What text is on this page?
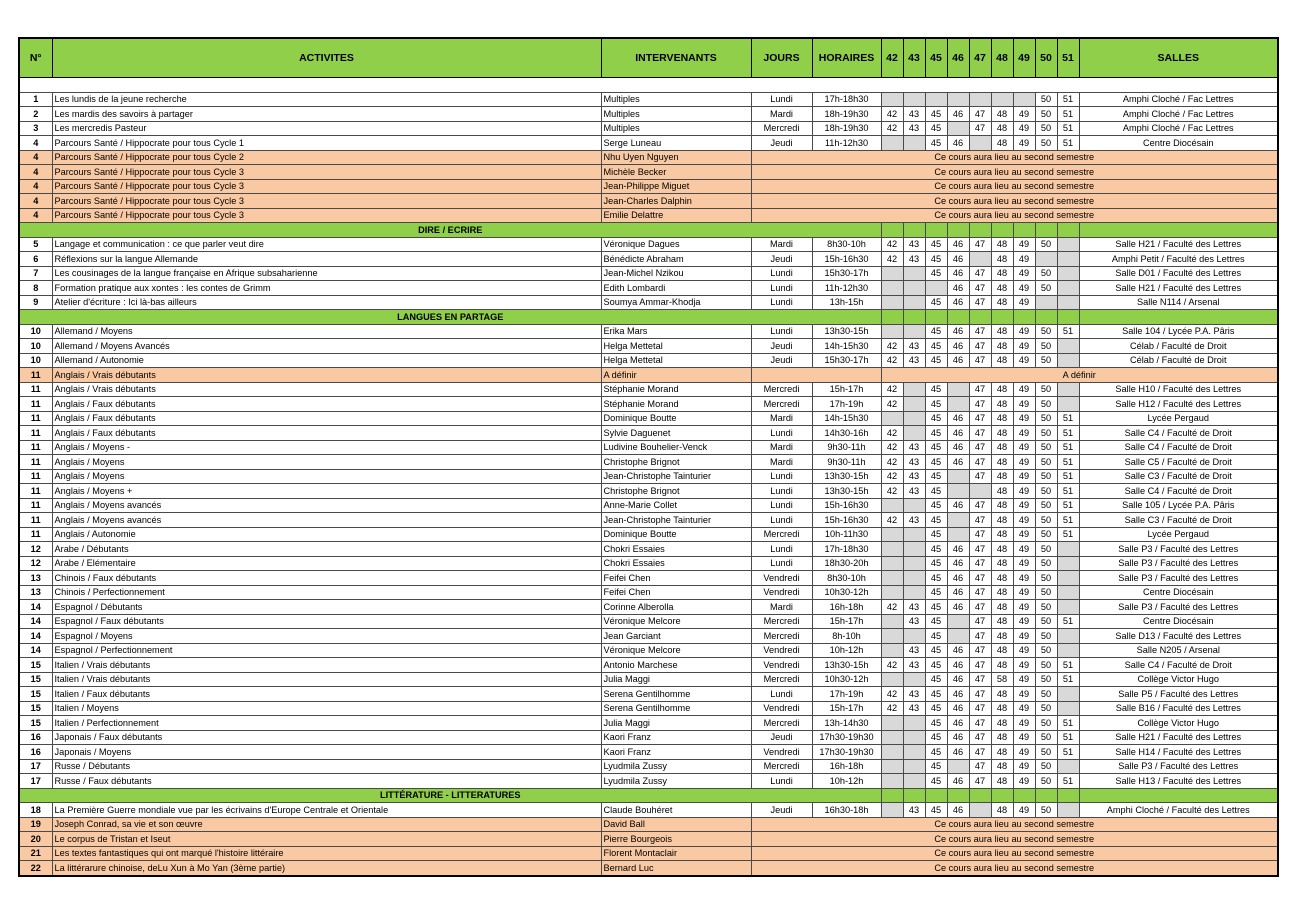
N°	ACTIVITES	INTERVENANTS	JOURS	HORAIRES	42	43	45	46	47	48	49	50	51	SALLES

1	Les lundis de la jeune recherche	Multiples	Lundi	17h-18h30								50	51	Amphi Cloché / Fac Lettres
2	Les mardis des savoirs à partager	Multiples	Mardi	18h-19h30	42	43	45	46	47	48	49	50	51	Amphi Cloché / Fac Lettres
3	Les mercredis Pasteur	Multiples	Mercredi	18h-19h30	42	43	45		47	48	49	50	51	Amphi Cloché / Fac Lettres
4	Parcours Santé / Hippocrate pour tous Cycle 1	Serge Luneau	Jeudi	11h-12h30			45	46		48	49	50	51	Centre Diocésain
4	Parcours Santé / Hippocrate pour tous Cycle 2	Nhu Uyen Nguyen	Ce cours aura lieu au second semestre											
4	Parcours Santé / Hippocrate pour tous Cycle 3	Michèle Becker	Ce cours aura lieu au second semestre											
4	Parcours Santé / Hippocrate pour tous Cycle 3	Jean-Philippe Miguet	Ce cours aura lieu au second semestre											
4	Parcours Santé / Hippocrate pour tous Cycle 3	Jean-Charles Dalphin	Ce cours aura lieu au second semestre											
4	Parcours Santé / Hippocrate pour tous Cycle 3	Emilie Delattre	Ce cours aura lieu au second semestre											
DIRE / ECRIRE														
5	Langage et communication : ce que parler veut dire	Véronique Dagues	Mardi	8h30-10h	42	43	45	46	47	48	49	50		Salle H21 / Faculté des Lettres
6	Réflexions sur la langue Allemande	Bénédicte Abraham	Jeudi	15h-16h30	42	43	45	46		48	49			Amphi Petit / Faculté des Lettres
7	Les cousinages de la langue française en Afrique subsaharienne	Jean-Michel Nzikou	Lundi	15h30-17h			45	46	47	48	49	50		Salle D01 / Faculté des Lettres
8	Formation pratique aux xontes : les contes de Grimm	Edith Lombardi	Lundi	11h-12h30				46	47	48	49	50		Salle H21 / Faculté des Lettres
9	Atelier d'écriture : Ici là-bas ailleurs	Soumya Ammar-Khodja	Lundi	13h-15h			45	46	47	48	49			Salle N114 / Arsenal
LANGUES EN PARTAGE														
10	Allemand / Moyens	Erika Mars	Lundi	13h30-15h			45	46	47	48	49	50	51	Salle 104 / Lycée P.A. Pâris
10	Allemand / Moyens Avancés	Helga Mettetal	Jeudi	14h-15h30	42	43	45	46	47	48	49	50		Célab / Faculté de Droit
10	Allemand / Autonomie	Helga Mettetal	Jeudi	15h30-17h	42	43	45	46	47	48	49	50		Célab / Faculté de Droit
11	Anglais / Vrais débutants	A définir			A définir									
11	Anglais / Vrais débutants	Stéphanie Morand	Mercredi	15h-17h	42		45		47	48	49	50		Salle H10 / Faculté des Lettres
11	Anglais / Faux débutants	Stéphanie Morand	Mercredi	17h-19h	42		45		47	48	49	50		Salle H12 / Faculté des Lettres
11	Anglais / Faux débutants	Dominique Boutte	Mardi	14h-15h30			45	46	47	48	49	50	51	Lycée Pergaud
11	Anglais / Faux débutants	Sylvie Daguenet	Lundi	14h30-16h	42		45	46	47	48	49	50	51	Salle C4 / Faculté de Droit
11	Anglais / Moyens -	Ludivine Bouhelier-Venck	Mardi	9h30-11h	42	43	45	46	47	48	49	50	51	Salle C4 / Faculté de Droit
11	Anglais / Moyens	Christophe Brignot	Mardi	9h30-11h	42	43	45	46	47	48	49	50	51	Salle C5 / Faculté de Droit
11	Anglais / Moyens	Jean-Christophe Tainturier	Lundi	13h30-15h	42	43	45		47	48	49	50	51	Salle C3 / Faculté de Droit
11	Anglais / Moyens +	Christophe Brignot	Lundi	13h30-15h	42	43	45			48	49	50	51	Salle C4 / Faculté de Droit
11	Anglais / Moyens avancés	Anne-Marie Collet	Lundi	15h-16h30			45	46	47	48	49	50	51	Salle 105 / Lycée P.A. Pâris
11	Anglais / Moyens avancés	Jean-Christophe Tainturier	Lundi	15h-16h30	42	43	45		47	48	49	50	51	Salle C3 / Faculté de Droit
11	Anglais / Autonomie	Dominique Boutte	Mercredi	10h-11h30			45		47	48	49	50	51	Lycée Pergaud
12	Arabe / Débutants	Chokri Essaies	Lundi	17h-18h30			45	46	47	48	49	50		Salle P3 / Faculté des Lettres
12	Arabe / Elémentaire	Chokri Essaies	Lundi	18h30-20h			45	46	47	48	49	50		Salle P3 / Faculté des Lettres
13	Chinois / Faux débutants	Feifei Chen	Vendredi	8h30-10h			45	46	47	48	49	50		Salle P3 / Faculté des Lettres
13	Chinois / Perfectionnement	Feifei Chen	Vendredi	10h30-12h			45	46	47	48	49	50		Centre Diocésain
14	Espagnol / Débutants	Corinne Alberolla	Mardi	16h-18h	42	43	45	46	47	48	49	50		Salle P3 / Faculté des Lettres
14	Espagnol / Faux débutants	Véronique Melcore	Mercredi	15h-17h		43	45		47	48	49	50	51	Centre Diocésain
14	Espagnol / Moyens	Jean Garciant	Mercredi	8h-10h			45		47	48	49	50		Salle D13 / Faculté des Lettres
14	Espagnol / Perfectionnement	Véronique Melcore	Vendredi	10h-12h		43	45	46	47	48	49	50		Salle N205 / Arsenal
15	Italien / Vrais débutants	Antonio Marchese	Vendredi	13h30-15h	42	43	45	46	47	48	49	50	51	Salle C4 / Faculté de Droit
15	Italien / Vrais débutants	Julia Maggi	Mercredi	10h30-12h			45	46	47	58	49	50	51	Collège Victor Hugo
15	Italien / Faux débutants	Serena Gentilhomme	Lundi	17h-19h	42	43	45	46	47	48	49	50		Salle P5 / Faculté des Lettres
15	Italien / Moyens	Serena Gentilhomme	Vendredi	15h-17h	42	43	45	46	47	48	49	50		Salle B16 / Faculté des Lettres
15	Italien / Perfectionnement	Julia Maggi	Mercredi	13h-14h30			45	46	47	48	49	50	51	Collège Victor Hugo
16	Japonais / Faux débutants	Kaori Franz	Jeudi	17h30-19h30			45	46	47	48	49	50	51	Salle H21 / Faculté des Lettres
16	Japonais / Moyens	Kaori Franz	Vendredi	17h30-19h30			45	46	47	48	49	50	51	Salle H14 / Faculté des Lettres
17	Russe / Débutants	Lyudmila Zussy	Mercredi	16h-18h			45		47	48	49	50		Salle P3 / Faculté des Lettres
17	Russe / Faux débutants	Lyudmila Zussy	Lundi	10h-12h			45	46	47	48	49	50	51	Salle H13 / Faculté des Lettres
LITTÉRATURE - LITTERATURES														
18	La Première Guerre mondiale vue par les écrivains d'Europe Centrale et Orientale	Claude Bouhéret	Jeudi	16h30-18h		43	45	46		48	49	50		Amphi Cloché / Faculté des Lettres
19	Joseph Conrad, sa vie et son œuvre	David Ball	Ce cours aura lieu au second semestre											
20	Le corpus de Tristan et Iseut	Pierre Bourgeois	Ce cours aura lieu au second semestre											
21	Les textes fantastiques qui ont marqué l'histoire littéraire	Florent Montaclair	Ce cours aura lieu au second semestre											
22	La littérarure chinoise, deLu Xun à Mo Yan (3ème partie)	Bernard Luc	Ce cours aura lieu au second semestre											
